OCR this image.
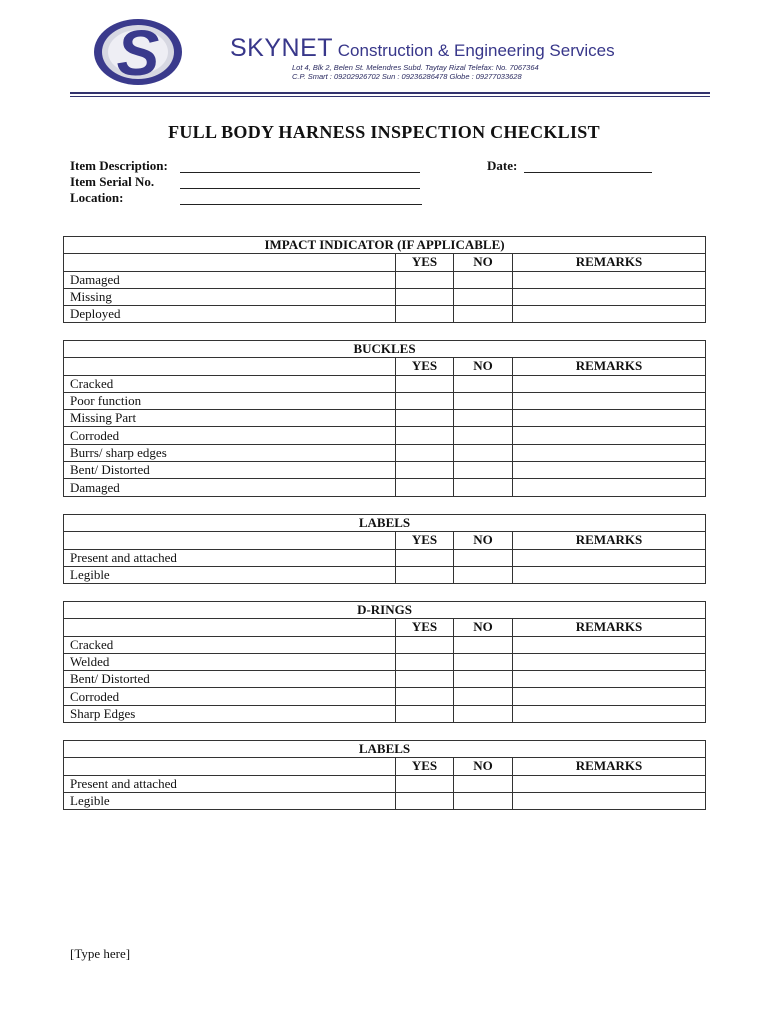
S	SKYNET Construction & Engineering Services
Lot 4, Blk 2, Belen St. Melendres Subd. Taytay Rizal Telefax: No. 7067364
C.P. Smart : 09202926702 Sun : 09236286478 Globe : 09277033628
FULL BODY HARNESS INSPECTION CHECKLIST
Item Description:
Item Serial No.
Location:
Date:
IMPACT INDICATOR (IF APPLICABLE)			
	YES	NO	REMARKS
Damaged			
Missing			
Deployed			
BUCKLES			
	YES	NO	REMARKS
Cracked			
Poor function			
Missing Part			
Corroded			
Burrs/ sharp edges			
Bent/ Distorted			
Damaged			
LABELS			
	YES	NO	REMARKS
Present and attached			
Legible			
D-RINGS			
	YES	NO	REMARKS
Cracked			
Welded			
Bent/ Distorted			
Corroded			
Sharp Edges			
LABELS			
	YES	NO	REMARKS
Present and attached			
Legible			
[Type here]
